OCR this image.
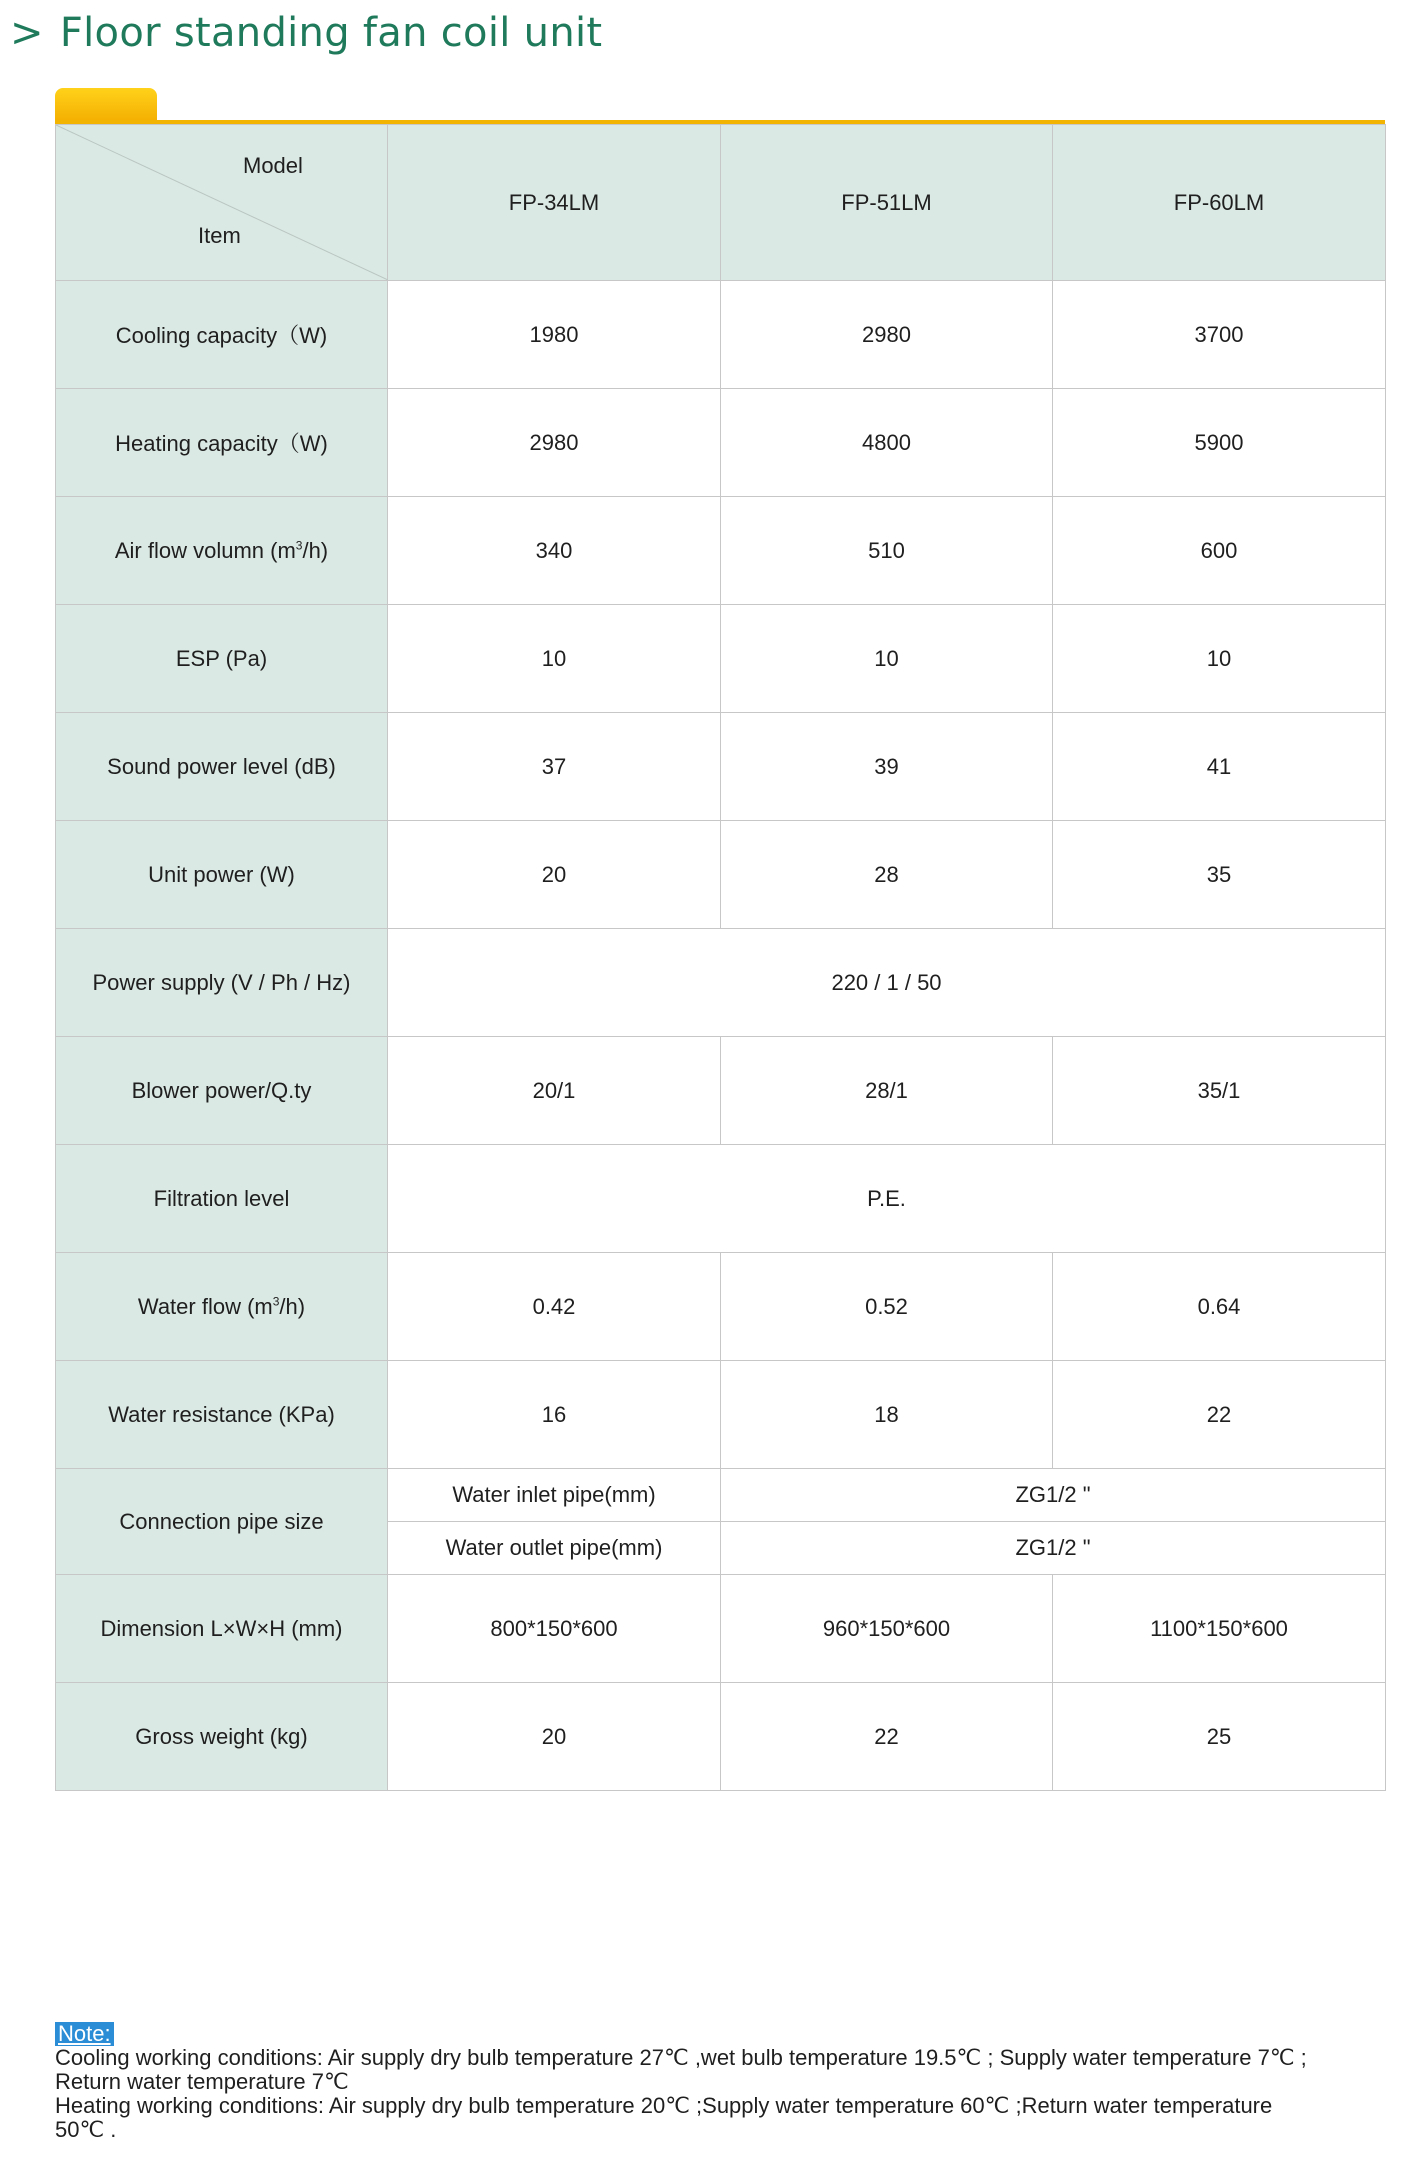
> Floor standing fan coil unit
Model
Item	FP-34LM	FP-51LM	FP-60LM
Cooling capacity（W)	1980	2980	3700
Heating capacity（W)	2980	4800	5900
Air flow volumn $(m^3/h)$	340	510	600
ESP (Pa)	10	10	10
Sound power level (dB)	37	39	41
Unit power (W)	20	28	35
Power supply (V / Ph / Hz)	220 / 1 / 50		
Blower power/Q.ty	20/1	28/1	35/1
Filtration level	P.E.		
Water flow $(m^3/h)$	0.42	0.52	0.64
Water resistance (KPa)	16	18	22
Connection pipe size	Water inlet pipe(mm)	ZG1/2 "	
	Water outlet pipe(mm)	ZG1/2 "	
Dimension L×W×H (mm)	800*150*600	960*150*600	1100*150*600
Gross weight (kg)	20	22	25
Note:
Cooling working conditions: Air supply dry bulb temperature 27℃ ,wet bulb temperature 19.5℃ ; Supply water temperature 7℃ ;
Return water temperature 7℃
Heating working conditions: Air supply dry bulb temperature 20℃ ;Supply water temperature 60℃ ;Return water temperature
50℃ .
